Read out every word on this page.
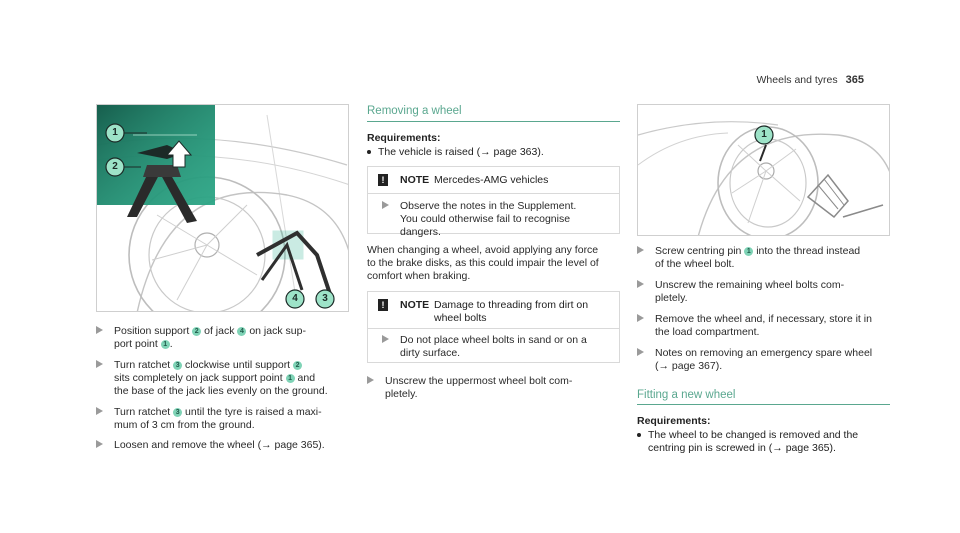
Wheels and tyres 365
1
2
4 3
Position support 2 of jack 4 on jack sup-
port point 1 .
Turn ratchet 3 clockwise until support 2
sits completely on jack support point 1 and
the base of the jack lies evenly on the ground.
Turn ratchet 3 until the tyre is raised a maxi-
mum of 3 cm from the ground.
Loosen and remove the wheel (→ page 365).
Removing a wheel
Requirements:
The vehicle is raised (→ page 363).
!	NOTE Mercedes-AMG vehicles
Observe the notes in the Supplement.
You could otherwise fail to recognise
dangers.
When changing a wheel, avoid applying any force
to the brake disks, as this could impair the level of
comfort when braking.
!	NOTE Damage to threading from dirt on
wheel bolts
Do not place wheel bolts in sand or on a
dirty surface.
Unscrew the uppermost wheel bolt com-
pletely.
1
Screw centring pin 1 into the thread instead
of the wheel bolt.
Unscrew the remaining wheel bolts com-
pletely.
Remove the wheel and, if necessary, store it in
the load compartment.
Notes on removing an emergency spare wheel
(→ page 367).
Fitting a new wheel
Requirements:
The wheel to be changed is removed and the
centring pin is screwed in (→ page 365).
